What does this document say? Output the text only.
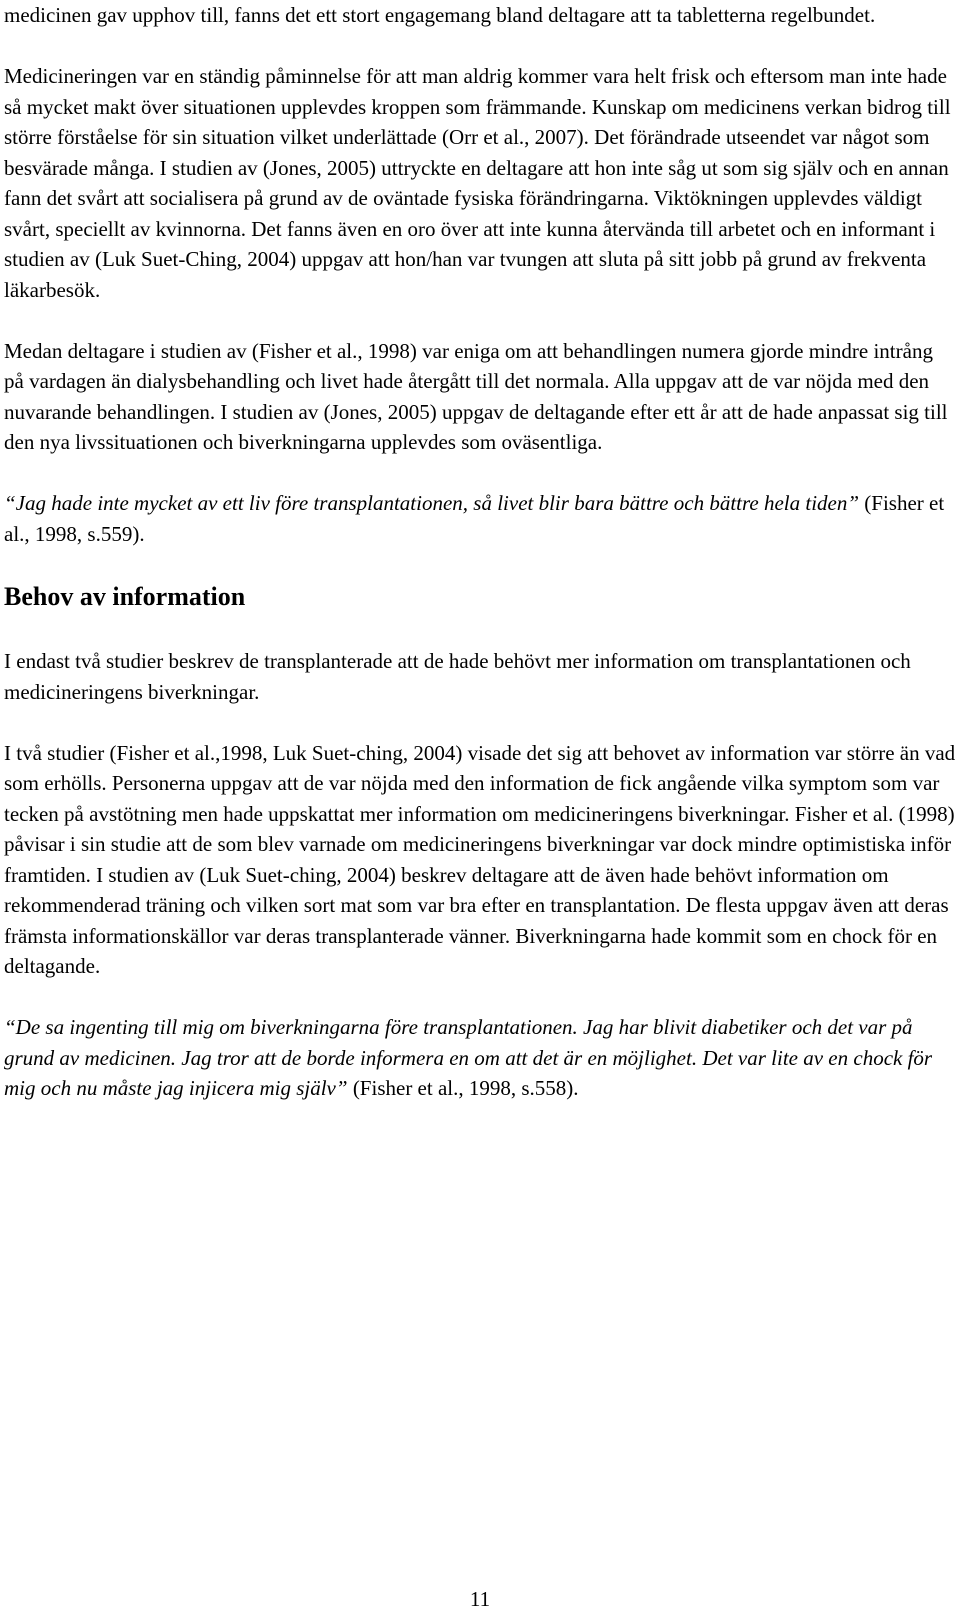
medicinen gav upphov till, fanns det ett stort engagemang bland deltagare att ta tabletterna regelbundet.

Medicineringen var en ständig påminnelse för att man aldrig kommer vara helt frisk och eftersom man inte hade så mycket makt över situationen upplevdes kroppen som främmande. Kunskap om medicinens verkan bidrog till större förståelse för sin situation vilket underlättade (Orr et al., 2007). Det förändrade utseendet var något som besvärade många. I studien av (Jones, 2005) uttryckte en deltagare att hon inte såg ut som sig själv och en annan fann det svårt att socialisera på grund av de oväntade fysiska förändringarna. Viktökningen upplevdes väldigt svårt, speciellt av kvinnorna. Det fanns även en oro över att inte kunna återvända till arbetet och en informant i studien av (Luk Suet-Ching, 2004) uppgav att hon/han var tvungen att sluta på sitt jobb på grund av frekventa läkarbesök.

Medan deltagare i studien av (Fisher et al., 1998) var eniga om att behandlingen numera gjorde mindre intrång på vardagen än dialysbehandling och livet hade återgått till det normala. Alla uppgav att de var nöjda med den nuvarande behandlingen. I studien av (Jones, 2005) uppgav de deltagande efter ett år att de hade anpassat sig till den nya livssituationen och biverkningarna upplevdes som oväsentliga.

“Jag hade inte mycket av ett liv före transplantationen, så livet blir bara bättre och bättre hela tiden” (Fisher et al., 1998, s.559).

Behov av information

I endast två studier beskrev de transplanterade att de hade behövt mer information om transplantationen och medicineringens biverkningar.

I två studier (Fisher et al.,1998, Luk Suet-ching, 2004) visade det sig att behovet av information var större än vad som erhölls. Personerna uppgav att de var nöjda med den information de fick angående vilka symptom som var tecken på avstötning men hade uppskattat mer information om medicineringens biverkningar. Fisher et al. (1998) påvisar i sin studie att de som blev varnade om medicineringens biverkningar var dock mindre optimistiska inför framtiden. I studien av (Luk Suet-ching, 2004) beskrev deltagare att de även hade behövt information om rekommenderad träning och vilken sort mat som var bra efter en transplantation. De flesta uppgav även att deras främsta informationskällor var deras transplanterade vänner. Biverkningarna hade kommit som en chock för en deltagande.

“De sa ingenting till mig om biverkningarna före transplantationen. Jag har blivit diabetiker och det var på grund av medicinen. Jag tror att de borde informera en om att det är en möjlighet. Det var lite av en chock för mig och nu måste jag injicera mig själv” (Fisher et al., 1998, s.558).

11
